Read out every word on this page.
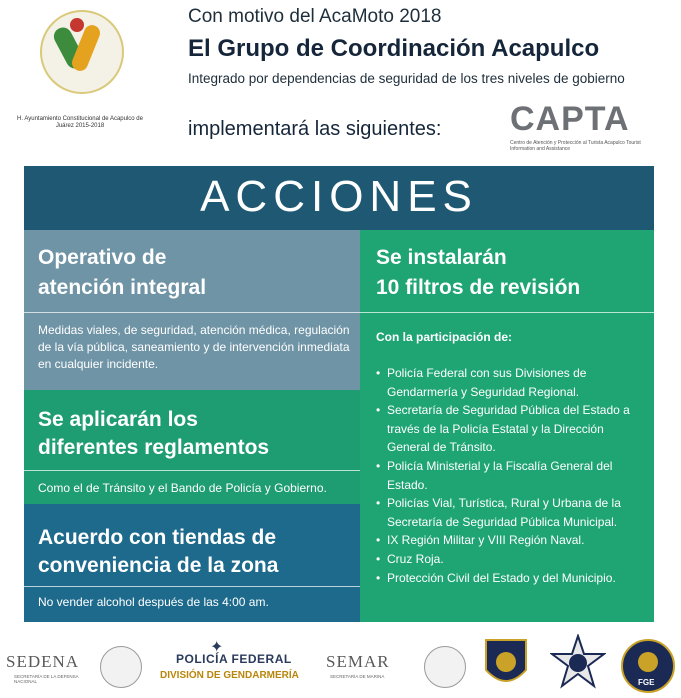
H. Ayuntamiento Constitucional de Acapulco de Juárez 2015-2018
Con motivo del AcaMoto 2018
El Grupo de Coordinación Acapulco
Integrado por dependencias de seguridad de los tres niveles de gobierno
implementará las siguientes: CAPTA
Centro de Atención y Protección al Turista Acapulco Tourist Information and Assistance
ACCIONES
Operativo de
atención integral
Medidas viales, de seguridad, atención médica, regulación de la vía pública, saneamiento y de intervención inmediata en cualquier incidente.
Se aplicarán los
diferentes reglamentos
Como el de Tránsito y el Bando de Policía y Gobierno.
Acuerdo con tiendas de
conveniencia de la zona
No vender alcohol después de las 4:00 am.
Se instalarán
10 filtros de revisión
Con la participación de:
• Policía Federal con sus Divisiones de Gendarmería y Seguridad Regional.
• Secretaría de Seguridad Pública del Estado a través de la Policía Estatal y la Dirección General de Tránsito.
• Policía Ministerial y la Fiscalía General del Estado.
• Policías Vial, Turística, Rural y Urbana de la Secretaría de Seguridad Pública Municipal.
• IX Región Militar y VIII Región Naval.
• Cruz Roja.
• Protección Civil del Estado y del Municipio.
SEDENA
SECRETARÍA DE LA DEFENSA NACIONAL
✦
POLICÍA FEDERAL
DIVISIÓN DE GENDARMERÍA
SEMAR
SECRETARÍA DE MARINA
FGE
